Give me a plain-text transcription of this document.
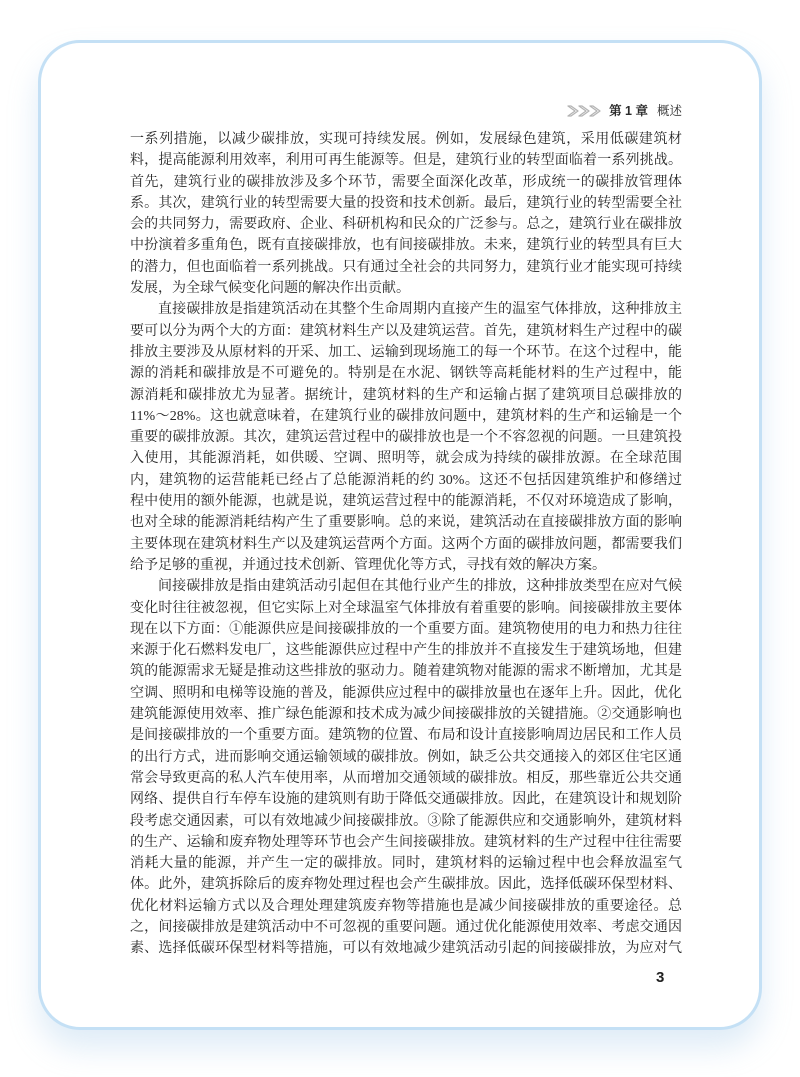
第 1 章 概述
一系列措施，以减少碳排放，实现可持续发展。例如，发展绿色建筑，采用低碳建筑材
料，提高能源利用效率，利用可再生能源等。但是，建筑行业的转型面临着一系列挑战。
首先，建筑行业的碳排放涉及多个环节，需要全面深化改革，形成统一的碳排放管理体
系。其次，建筑行业的转型需要大量的投资和技术创新。最后，建筑行业的转型需要全社
会的共同努力，需要政府、企业、科研机构和民众的广泛参与。总之，建筑行业在碳排放
中扮演着多重角色，既有直接碳排放，也有间接碳排放。未来，建筑行业的转型具有巨大
的潜力，但也面临着一系列挑战。只有通过全社会的共同努力，建筑行业才能实现可持续
发展，为全球气候变化问题的解决作出贡献。
直接碳排放是指建筑活动在其整个生命周期内直接产生的温室气体排放，这种排放主
要可以分为两个大的方面：建筑材料生产以及建筑运营。首先，建筑材料生产过程中的碳
排放主要涉及从原材料的开采、加工、运输到现场施工的每一个环节。在这个过程中，能
源的消耗和碳排放是不可避免的。特别是在水泥、钢铁等高耗能材料的生产过程中，能
源消耗和碳排放尤为显著。据统计，建筑材料的生产和运输占据了建筑项目总碳排放的
11%～28%。这也就意味着，在建筑行业的碳排放问题中，建筑材料的生产和运输是一个
重要的碳排放源。其次，建筑运营过程中的碳排放也是一个不容忽视的问题。一旦建筑投
入使用，其能源消耗，如供暖、空调、照明等，就会成为持续的碳排放源。在全球范围
内，建筑物的运营能耗已经占了总能源消耗的约 30%。这还不包括因建筑维护和修缮过
程中使用的额外能源，也就是说，建筑运营过程中的能源消耗，不仅对环境造成了影响，
也对全球的能源消耗结构产生了重要影响。总的来说，建筑活动在直接碳排放方面的影响
主要体现在建筑材料生产以及建筑运营两个方面。这两个方面的碳排放问题，都需要我们
给予足够的重视，并通过技术创新、管理优化等方式，寻找有效的解决方案。
间接碳排放是指由建筑活动引起但在其他行业产生的排放，这种排放类型在应对气候
变化时往往被忽视，但它实际上对全球温室气体排放有着重要的影响。间接碳排放主要体
现在以下方面：①能源供应是间接碳排放的一个重要方面。建筑物使用的电力和热力往往
来源于化石燃料发电厂，这些能源供应过程中产生的排放并不直接发生于建筑场地，但建
筑的能源需求无疑是推动这些排放的驱动力。随着建筑物对能源的需求不断增加，尤其是
空调、照明和电梯等设施的普及，能源供应过程中的碳排放量也在逐年上升。因此，优化
建筑能源使用效率、推广绿色能源和技术成为减少间接碳排放的关键措施。②交通影响也
是间接碳排放的一个重要方面。建筑物的位置、布局和设计直接影响周边居民和工作人员
的出行方式，进而影响交通运输领域的碳排放。例如，缺乏公共交通接入的郊区住宅区通
常会导致更高的私人汽车使用率，从而增加交通领域的碳排放。相反，那些靠近公共交通
网络、提供自行车停车设施的建筑则有助于降低交通碳排放。因此，在建筑设计和规划阶
段考虑交通因素，可以有效地减少间接碳排放。③除了能源供应和交通影响外，建筑材料
的生产、运输和废弃物处理等环节也会产生间接碳排放。建筑材料的生产过程中往往需要
消耗大量的能源，并产生一定的碳排放。同时，建筑材料的运输过程中也会释放温室气
体。此外，建筑拆除后的废弃物处理过程也会产生碳排放。因此，选择低碳环保型材料、
优化材料运输方式以及合理处理建筑废弃物等措施也是减少间接碳排放的重要途径。总
之，间接碳排放是建筑活动中不可忽视的重要问题。通过优化能源使用效率、考虑交通因
素、选择低碳环保型材料等措施，可以有效地减少建筑活动引起的间接碳排放，为应对气
3
